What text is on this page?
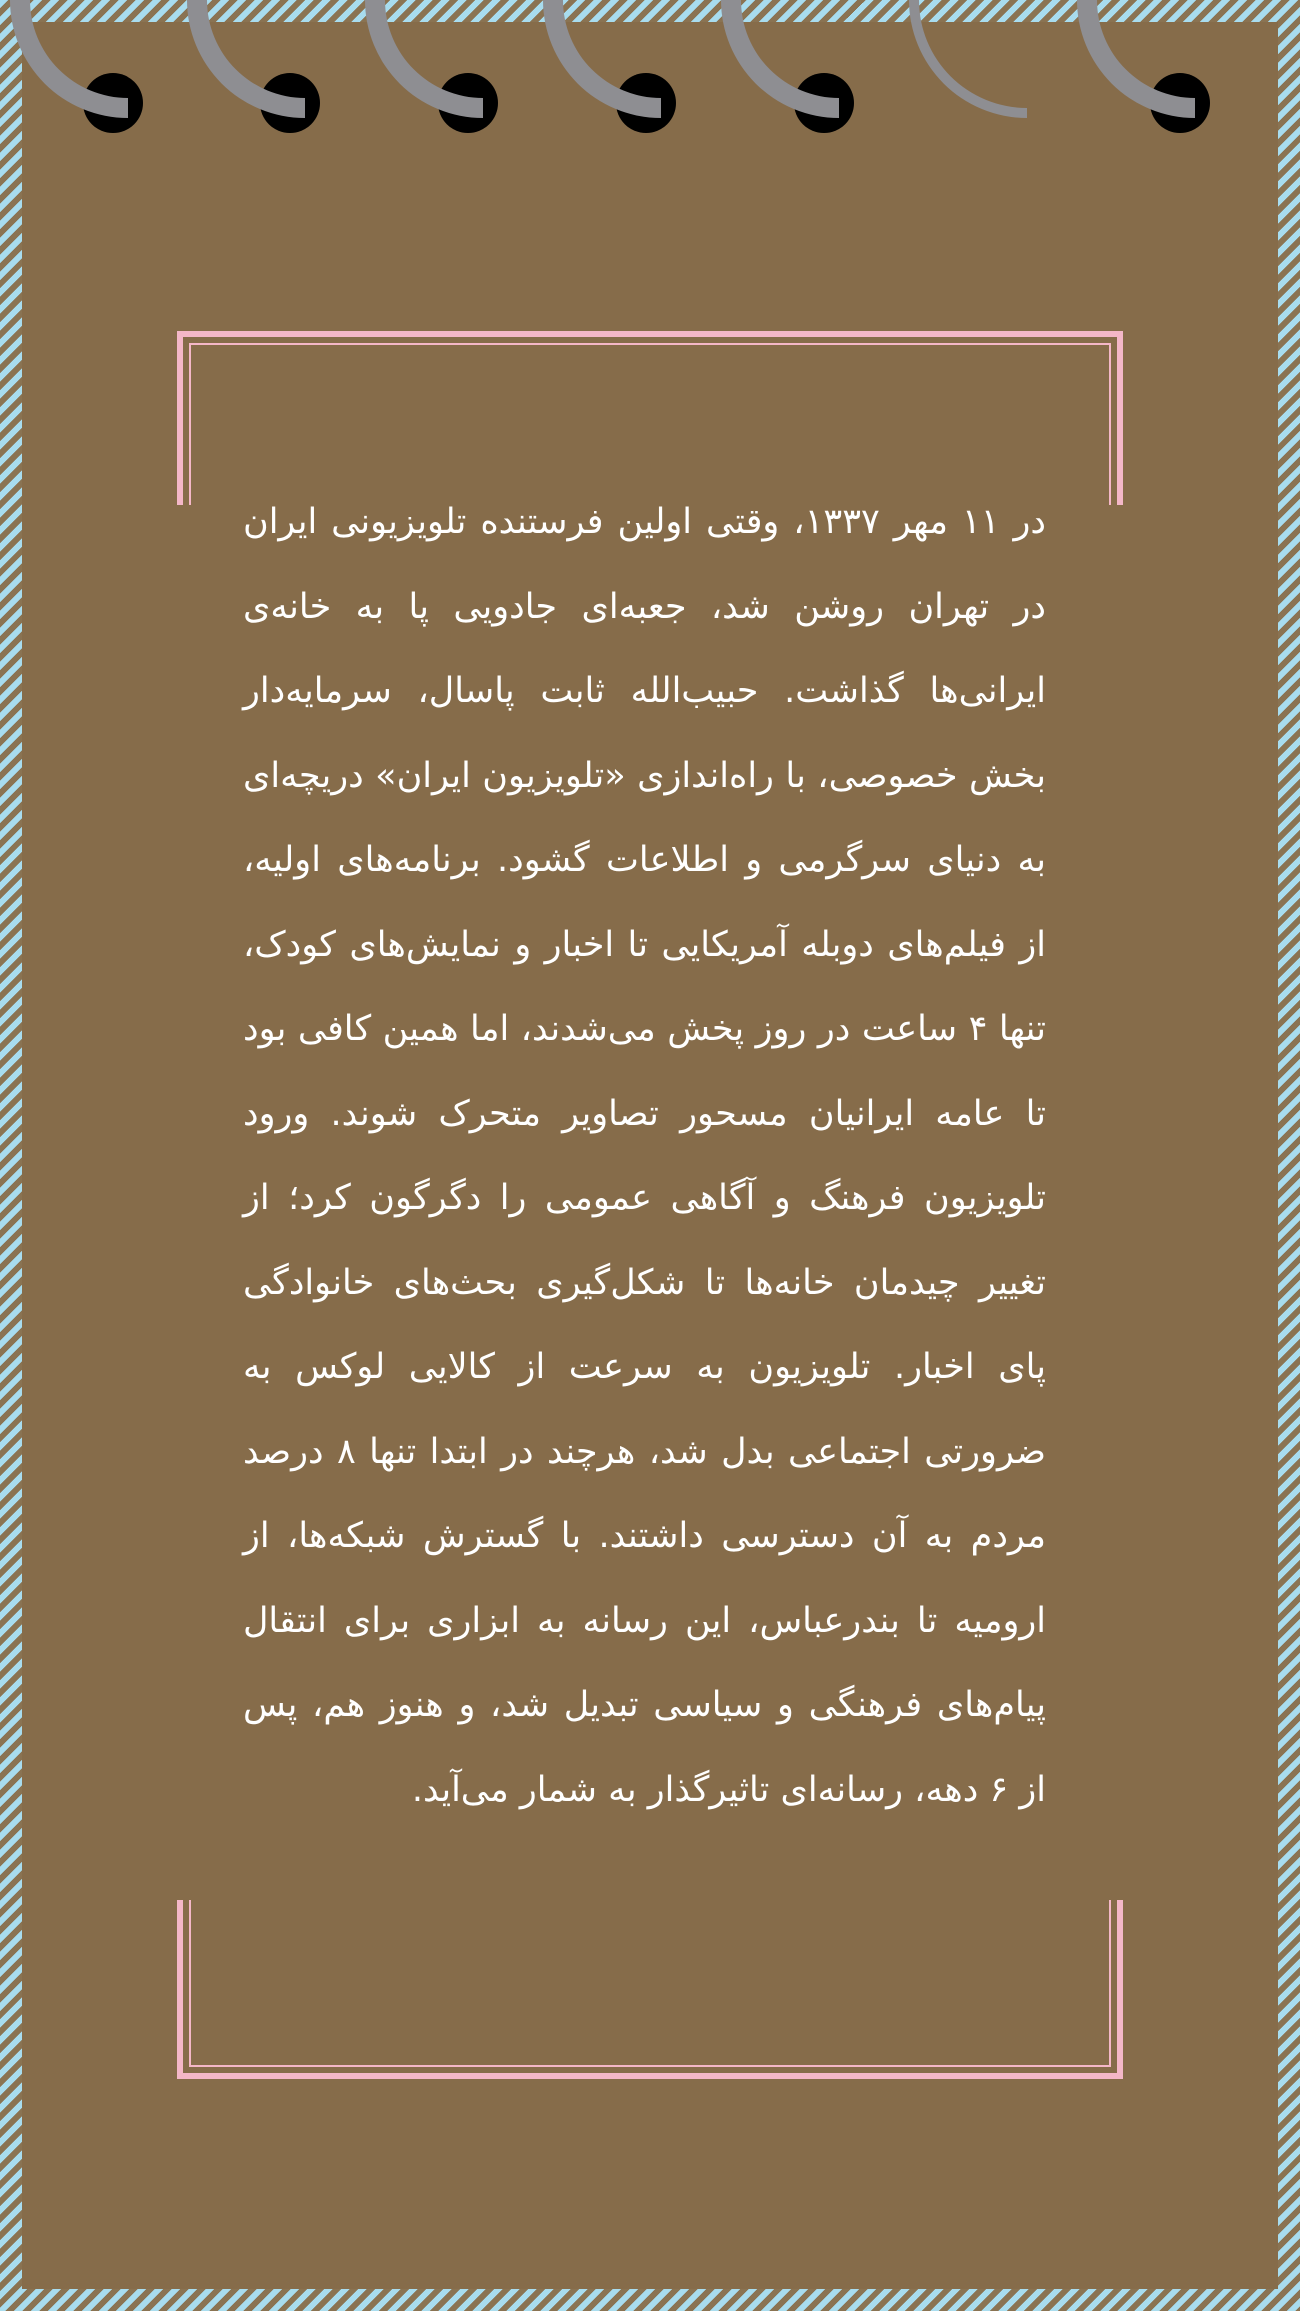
در ۱۱ مهر ۱۳۳۷، وقتی اولین فرستنده تلویزیونی ایران در تهران روشن شد، جعبه‌ای جادویی پا به خانه‌ی ایرانی‌ها گذاشت. حبیب‌الله ثابت پاسال، سرمایه‌دار بخش خصوصی، با راه‌اندازی «تلویزیون ایران» دریچه‌ای به دنیای سرگرمی و اطلاعات گشود. برنامه‌های اولیه، از فیلم‌های دوبله آمریکایی تا اخبار و نمایش‌های کودک، تنها ۴ ساعت در روز پخش می‌شدند، اما همین کافی بود تا عامه ایرانیان مسحور تصاویر متحرک شوند. ورود تلویزیون فرهنگ و آگاهی عمومی را دگرگون کرد؛ از تغییر چیدمان خانه‌ها تا شکل‌گیری بحث‌های خانوادگی پای اخبار. تلویزیون به سرعت از کالایی لوکس به ضرورتی اجتماعی بدل شد، هرچند در ابتدا تنها ۸ درصد مردم به آن دسترسی داشتند. با گسترش شبکه‌ها، از ارومیه تا بندرعباس، این رسانه به ابزاری برای انتقال پیام‌های فرهنگی و سیاسی تبدیل شد، و هنوز هم، پس از ۶ دهه، رسانه‌ای تاثیرگذار به شمار می‌آید.
